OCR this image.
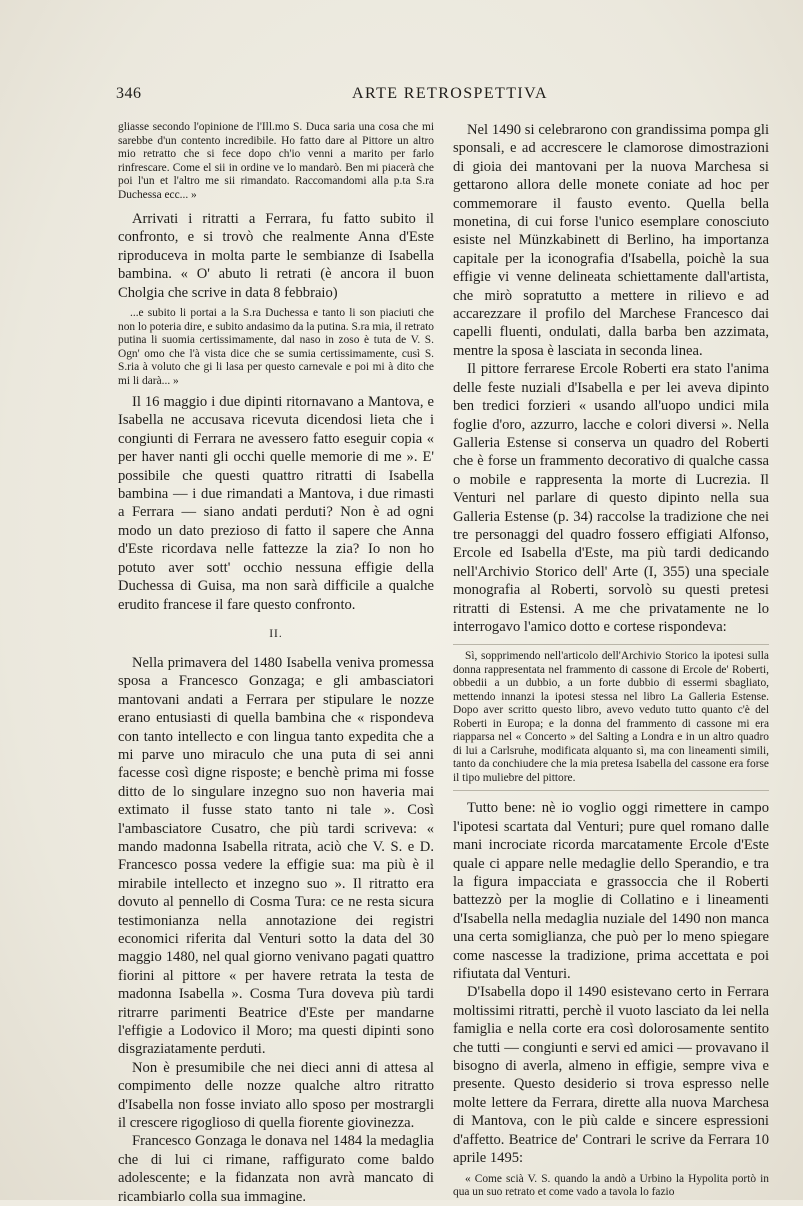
346	ARTE RETROSPETTIVA

gliasse secondo l'opinione de l'Ill.mo S. Duca saria una cosa che mi sarebbe d'un contento incredibile. Ho fatto dare al Pittore un altro mio retratto che si fece dopo ch'io venni a marito per farlo rinfrescare. Come el sii in ordine ve lo mandarò. Ben mi piacerà che poi l'un et l'altro me sii rimandato. Raccomandomi alla p.ta S.ra Duchessa ecc... »

Arrivati i ritratti a Ferrara, fu fatto subito il confronto, e si trovò che realmente Anna d'Este riproduceva in molta parte le sembianze di Isabella bambina. « O' abuto li retrati (è ancora il buon Cholgia che scrive in data 8 febbraio)

...e subito li portai a la S.ra Duchessa e tanto li son piaciuti che non lo poteria dire, e subito andasimo da la putina. S.ra mia, il retrato putina li suomia certissimamente, dal naso in zoso è tuta de V. S. Ogn' omo che l'à vista dice che se sumia certissimamente, cusì S. S.ria à voluto che gi li lasa per questo carnevale e poi mi à dito che mi li darà... »

Il 16 maggio i due dipinti ritornavano a Mantova, e Isabella ne accusava ricevuta dicendosi lieta che i congiunti di Ferrara ne avessero fatto eseguir copia « per haver nanti gli occhi quelle memorie di me ». E' possibile che questi quattro ritratti di Isabella bambina — i due rimandati a Mantova, i due rimasti a Ferrara — siano andati perduti? Non è ad ogni modo un dato prezioso di fatto il sapere che Anna d'Este ricordava nelle fattezze la zia? Io non ho potuto aver sott' occhio nessuna effigie della Duchessa di Guisa, ma non sarà difficile a qualche erudito francese il fare questo confronto.

II.

Nella primavera del 1480 Isabella veniva promessa sposa a Francesco Gonzaga; e gli ambasciatori mantovani andati a Ferrara per stipulare le nozze erano entusiasti di quella bambina che « rispondeva con tanto intellecto e con lingua tanto expedita che a mi parve uno miraculo che una puta di sei anni facesse così digne risposte; e benchè prima mi fosse ditto de lo singulare inzegno suo non haveria mai extimato il fusse stato tanto ni tale ». Così l'ambasciatore Cusatro, che più tardi scriveva: « mando madonna Isabella ritrata, aciò che V. S. e D. Francesco possa vedere la effigie sua: ma più è il mirabile intellecto et inzegno suo ». Il ritratto era dovuto al pennello di Cosma Tura: ce ne resta sicura testimonianza nella annotazione dei registri economici riferita dal Venturi sotto la data del 30 maggio 1480, nel qual giorno venivano pagati quattro fiorini al pittore « per havere retrata la testa de madonna Isabella ». Cosma Tura doveva più tardi ritrarre parimenti Beatrice d'Este per mandarne l'effigie a Lodovico il Moro; ma questi dipinti sono disgraziatamente perduti.

Non è presumibile che nei dieci anni di attesa al compimento delle nozze qualche altro ritratto d'Isabella non fosse inviato allo sposo per mostrargli il crescere rigoglioso di quella fiorente giovinezza.

Francesco Gonzaga le donava nel 1484 la medaglia che di lui ci rimane, raffigurato come baldo adolescente; e la fidanzata non avrà mancato di ricambiarlo colla sua immagine.

Nel 1490 si celebrarono con grandissima pompa gli sponsali, e ad accrescere le clamorose dimostrazioni di gioia dei mantovani per la nuova Marchesa si gettarono allora delle monete coniate ad hoc per commemorare il fausto evento. Quella bella monetina, di cui forse l'unico esemplare conosciuto esiste nel Münzkabinett di Berlino, ha importanza capitale per la iconografia d'Isabella, poichè la sua effigie vi venne delineata schiettamente dall'artista, che mirò sopratutto a mettere in rilievo e ad accarezzare il profilo del Marchese Francesco dai capelli fluenti, ondulati, dalla barba ben azzimata, mentre la sposa è lasciata in seconda linea.

Il pittore ferrarese Ercole Roberti era stato l'anima delle feste nuziali d'Isabella e per lei aveva dipinto ben tredici forzieri « usando all'uopo undici mila foglie d'oro, azzurro, lacche e colori diversi ». Nella Galleria Estense si conserva un quadro del Roberti che è forse un frammento decorativo di qualche cassa o mobile e rappresenta la morte di Lucrezia. Il Venturi nel parlare di questo dipinto nella sua Galleria Estense (p. 34) raccolse la tradizione che nei tre personaggi del quadro fossero effigiati Alfonso, Ercole ed Isabella d'Este, ma più tardi dedicando nell'Archivio Storico dell' Arte (I, 355) una speciale monografia al Roberti, sorvolò su questi pretesi ritratti di Estensi. A me che privatamente ne lo interrogavo l'amico dotto e cortese rispondeva:

Sì, sopprimendo nell'articolo dell'Archivio Storico la ipotesi sulla donna rappresentata nel frammento di cassone di Ercole de' Roberti, obbedii a un dubbio, a un forte dubbio di essermi sbagliato, mettendo innanzi la ipotesi stessa nel libro La Galleria Estense. Dopo aver scritto questo libro, avevo veduto tutto quanto c'è del Roberti in Europa; e la donna del frammento di cassone mi era riapparsa nel « Concerto » del Salting a Londra e in un altro quadro di lui a Carlsruhe, modificata alquanto sì, ma con lineamenti simili, tanto da conchiudere che la mia pretesa Isabella del cassone era forse il tipo muliebre del pittore.

Tutto bene: nè io voglio oggi rimettere in campo l'ipotesi scartata dal Venturi; pure quel romano dalle mani incrociate ricorda marcatamente Ercole d'Este quale ci appare nelle medaglie dello Sperandio, e tra la figura impacciata e grassoccia che il Roberti battezzò per la moglie di Collatino e i lineamenti d'Isabella nella medaglia nuziale del 1490 non manca una certa somiglianza, che può per lo meno spiegare come nascesse la tradizione, prima accettata e poi rifiutata dal Venturi.

D'Isabella dopo il 1490 esistevano certo in Ferrara moltissimi ritratti, perchè il vuoto lasciato da lei nella famiglia e nella corte era così dolorosamente sentito che tutti — congiunti e servi ed amici — provavano il bisogno di averla, almeno in effigie, sempre viva e presente. Questo desiderio si trova espresso nelle molte lettere da Ferrara, dirette alla nuova Marchesa di Mantova, con le più calde e sincere espressioni d'affetto. Beatrice de' Contrari le scrive da Ferrara 10 aprile 1495:

« Come scià V. S. quando la andò a Urbino la Hypolita portò in qua un suo retrato et come vado a tavola lo fazio
